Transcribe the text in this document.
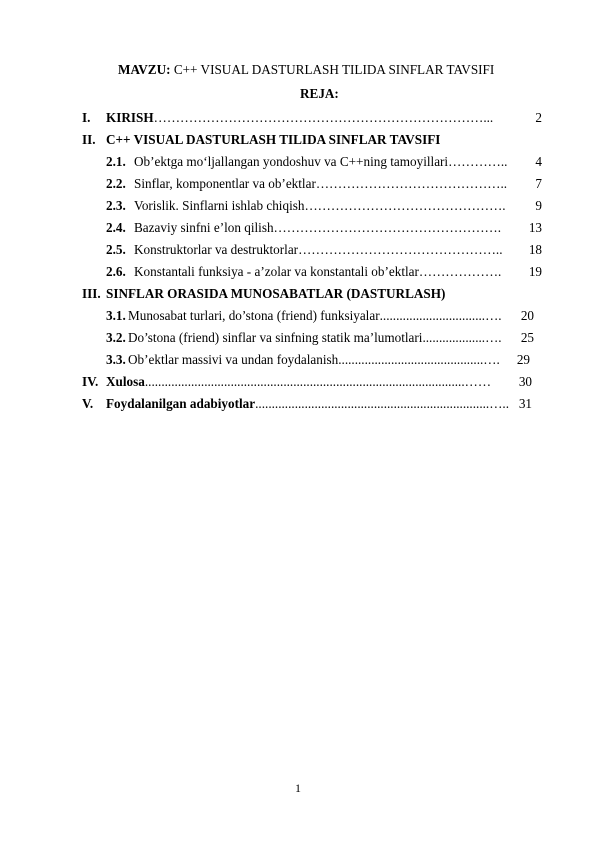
MAVZU: C++ VISUAL DASTURLASH TILIDA SINFLAR TAVSIFI
REJA:
I.	KIRISH …………………………………………………………………...	2
II. C++ VISUAL DASTURLASH TILIDA SINFLAR TAVSIFI
2.1. Ob’ektga mo‘ljallangan yondoshuv va C++ning tamoyillari …………..	4
2.2. Sinflar, komponentlar va ob’ektlar ……………………………………..	7
2.3. Vorislik. Sinflarni ishlab chiqish ……………………………………….	9
2.4. Bazaviy sinfni e’lon qilish …………………………………………….	13
2.5. Konstruktorlar va destruktorlar ………………………………………..	18
2.6. Konstantali funksiya - a’zolar va konstantali ob’ektlar ……………….	19
III. SINFLAR ORASIDA MUNOSABATLAR (DASTURLASH)
3.1. Munosabat turlari, do’stona (friend) funksiyalar ................................….	20
3.2. Do’stona (friend) sinflar va sinfning statik ma’lumotlari ...................….	25
3.3. Ob’ektlar massivi va undan foydalanish ............................................….	29
IV. Xulosa .................................................................................................……	30
V. Foydalanilgan adabiyotlar .......................................................................….. 31
1
